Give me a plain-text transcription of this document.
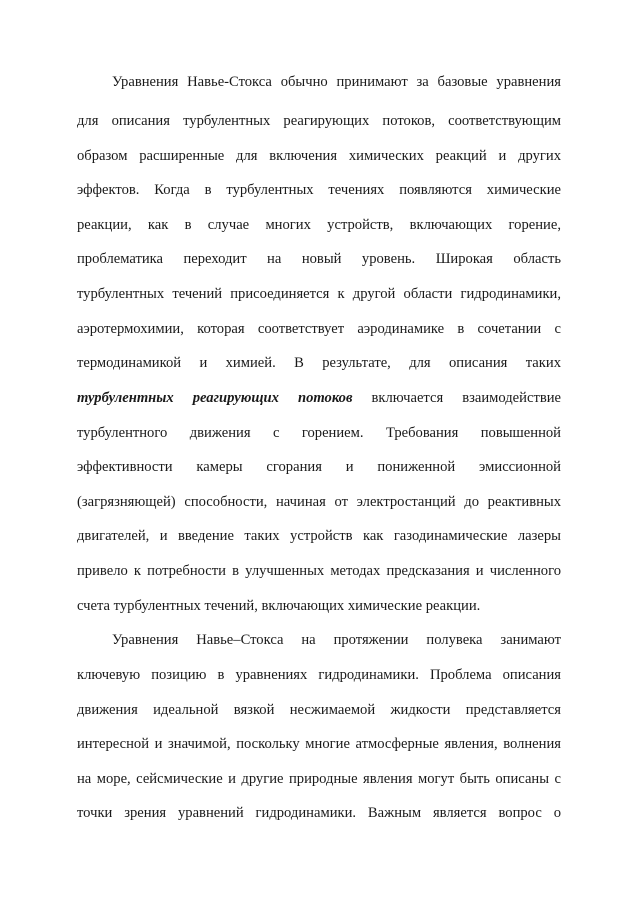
Уравнения Навье-Стокса обычно принимают за базовые уравнения
для описания турбулентных реагирующих потоков, соответствующим
образом расширенные для включения химических реакций и других
эффектов. Когда в турбулентных течениях появляются химические
реакции, как в случае многих устройств, включающих горение,
проблематика переходит на новый уровень. Широкая область
турбулентных течений присоединяется к другой области гидродинамики,
аэротермохимии, которая соответствует аэродинамике в сочетании с
термодинамикой и химией. В результате, для описания таких
турбулентных реагирующих потоков включается взаимодействие
турбулентного движения с горением. Требования повышенной
эффективности камеры сгорания и пониженной эмиссионной
(загрязняющей) способности, начиная от электростанций до реактивных
двигателей, и введение таких устройств как газодинамические лазеры
привело к потребности в улучшенных методах предсказания и численного
счета турбулентных течений, включающих химические реакции.
Уравнения Навье–Стокса на протяжении полувека занимают
ключевую позицию в уравнениях гидродинамики. Проблема описания
движения идеальной вязкой несжимаемой жидкости представляется
интересной и значимой, поскольку многие атмосферные явления, волнения
на море, сейсмические и другие природные явления могут быть описаны с
точки зрения уравнений гидродинамики. Важным является вопрос о
